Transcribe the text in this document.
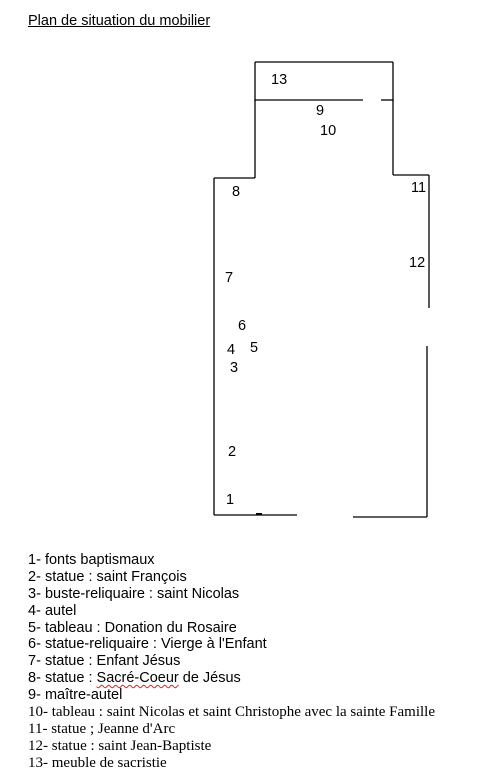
Plan de situation du mobilier
1
2
3
4 5
6
7
8
9
10
11
12
13
1- fonts baptismaux
2- statue : saint François
3- buste-reliquaire : saint Nicolas
4- autel
5- tableau : Donation du Rosaire
6- statue-reliquaire : Vierge à l'Enfant
7- statue : Enfant Jésus
8- statue : Sacré-Coeur de Jésus
9- maître-autel
10- tableau : saint Nicolas et saint Christophe avec la sainte Famille
11- statue ; Jeanne d'Arc
12- statue : saint Jean-Baptiste
13- meuble de sacristie
